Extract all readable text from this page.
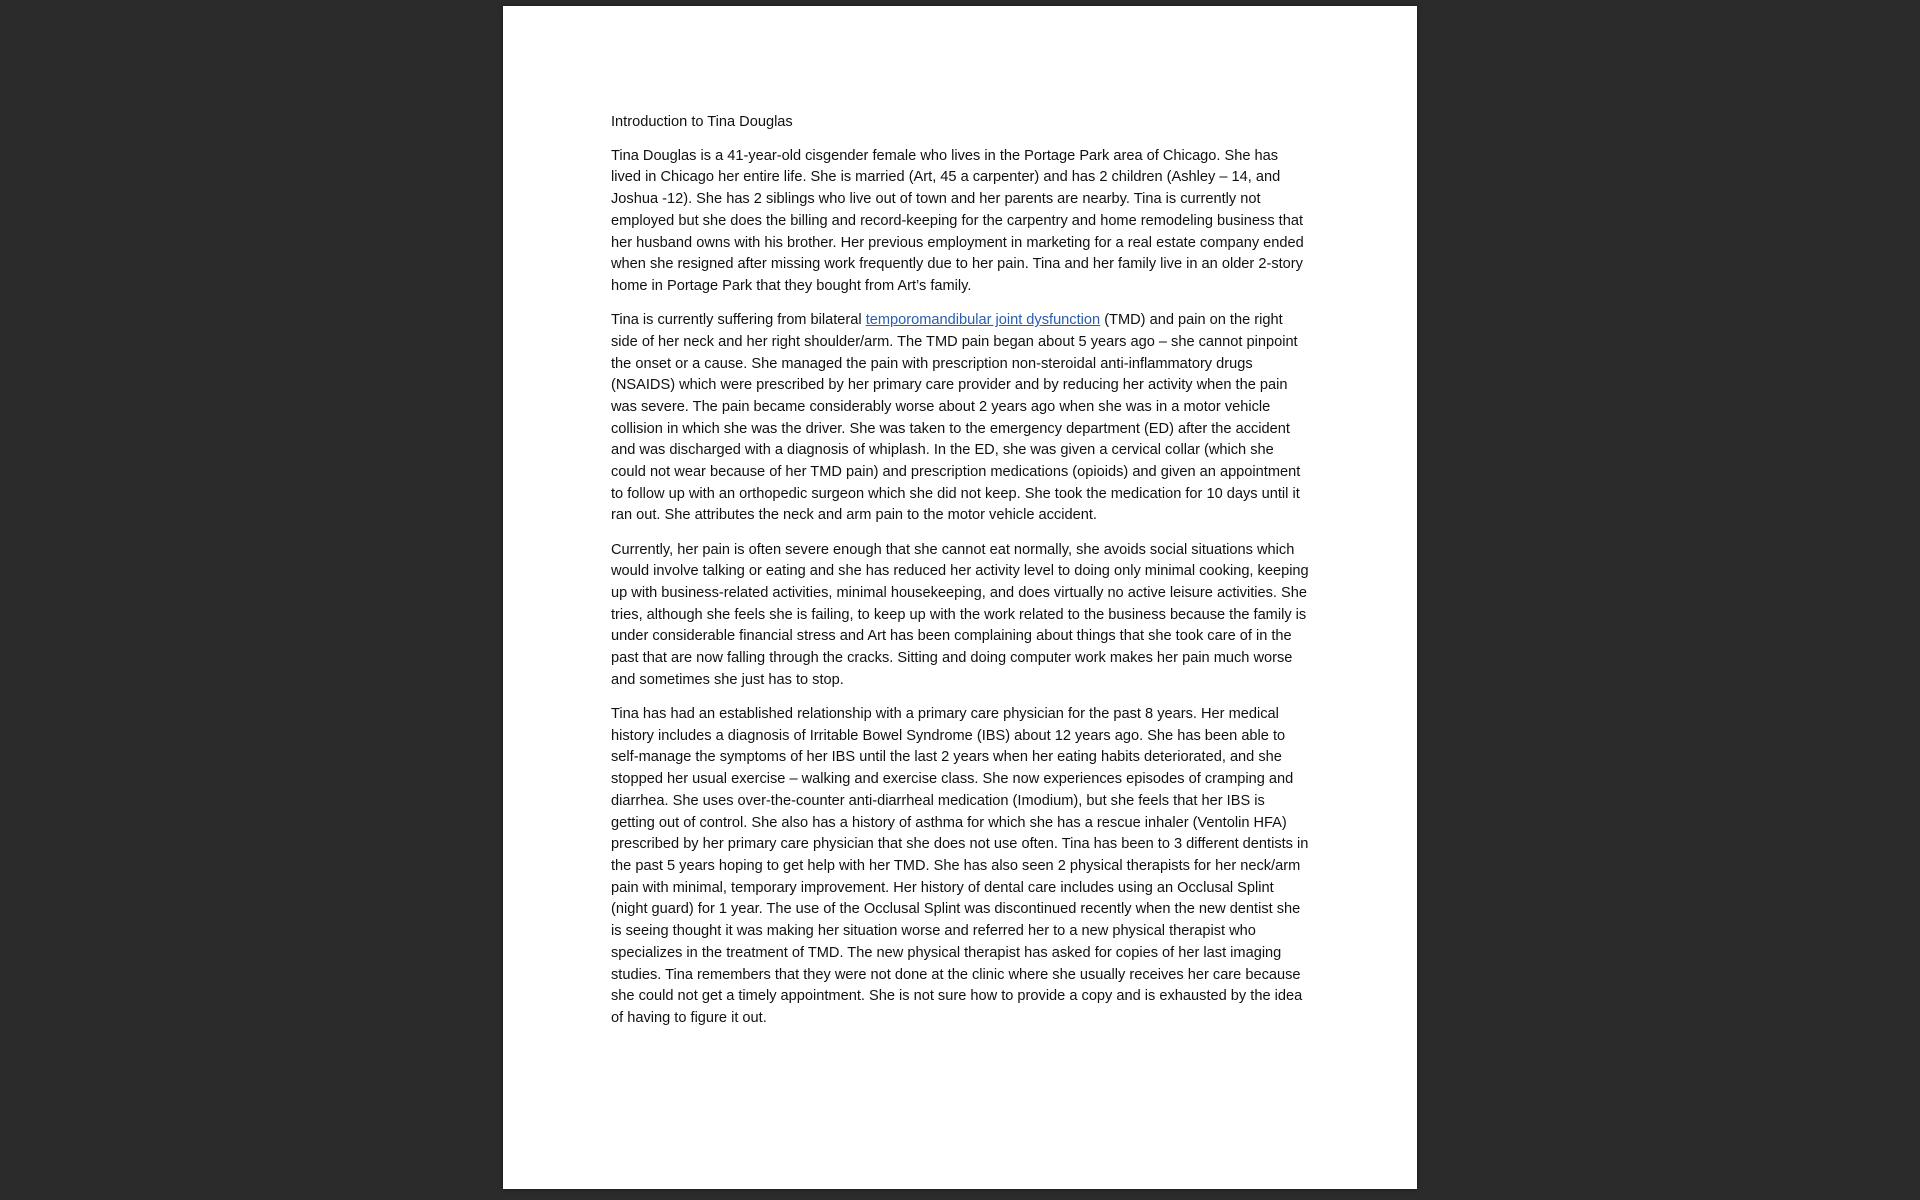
Introduction to Tina Douglas

Tina Douglas is a 41-year-old cisgender female who lives in the Portage Park area of Chicago. She has lived in Chicago her entire life. She is married (Art, 45 a carpenter) and has 2 children (Ashley – 14, and Joshua -12). She has 2 siblings who live out of town and her parents are nearby. Tina is currently not employed but she does the billing and record-keeping for the carpentry and home remodeling business that her husband owns with his brother. Her previous employment in marketing for a real estate company ended when she resigned after missing work frequently due to her pain. Tina and her family live in an older 2-story home in Portage Park that they bought from Art’s family.

Tina is currently suffering from bilateral temporomandibular joint dysfunction (TMD) and pain on the right side of her neck and her right shoulder/arm. The TMD pain began about 5 years ago – she cannot pinpoint the onset or a cause. She managed the pain with prescription non-steroidal anti-inflammatory drugs (NSAIDS) which were prescribed by her primary care provider and by reducing her activity when the pain was severe. The pain became considerably worse about 2 years ago when she was in a motor vehicle collision in which she was the driver. She was taken to the emergency department (ED) after the accident and was discharged with a diagnosis of whiplash. In the ED, she was given a cervical collar (which she could not wear because of her TMD pain) and prescription medications (opioids) and given an appointment to follow up with an orthopedic surgeon which she did not keep. She took the medication for 10 days until it ran out. She attributes the neck and arm pain to the motor vehicle accident.

Currently, her pain is often severe enough that she cannot eat normally, she avoids social situations which would involve talking or eating and she has reduced her activity level to doing only minimal cooking, keeping up with business-related activities, minimal housekeeping, and does virtually no active leisure activities. She tries, although she feels she is failing, to keep up with the work related to the business because the family is under considerable financial stress and Art has been complaining about things that she took care of in the past that are now falling through the cracks. Sitting and doing computer work makes her pain much worse and sometimes she just has to stop.

Tina has had an established relationship with a primary care physician for the past 8 years. Her medical history includes a diagnosis of Irritable Bowel Syndrome (IBS) about 12 years ago. She has been able to self-manage the symptoms of her IBS until the last 2 years when her eating habits deteriorated, and she stopped her usual exercise – walking and exercise class. She now experiences episodes of cramping and diarrhea. She uses over-the-counter anti-diarrheal medication (Imodium), but she feels that her IBS is getting out of control. She also has a history of asthma for which she has a rescue inhaler (Ventolin HFA) prescribed by her primary care physician that she does not use often. Tina has been to 3 different dentists in the past 5 years hoping to get help with her TMD. She has also seen 2 physical therapists for her neck/arm pain with minimal, temporary improvement. Her history of dental care includes using an Occlusal Splint (night guard) for 1 year. The use of the Occlusal Splint was discontinued recently when the new dentist she is seeing thought it was making her situation worse and referred her to a new physical therapist who specializes in the treatment of TMD. The new physical therapist has asked for copies of her last imaging studies. Tina remembers that they were not done at the clinic where she usually receives her care because she could not get a timely appointment. She is not sure how to provide a copy and is exhausted by the idea of having to figure it out.
